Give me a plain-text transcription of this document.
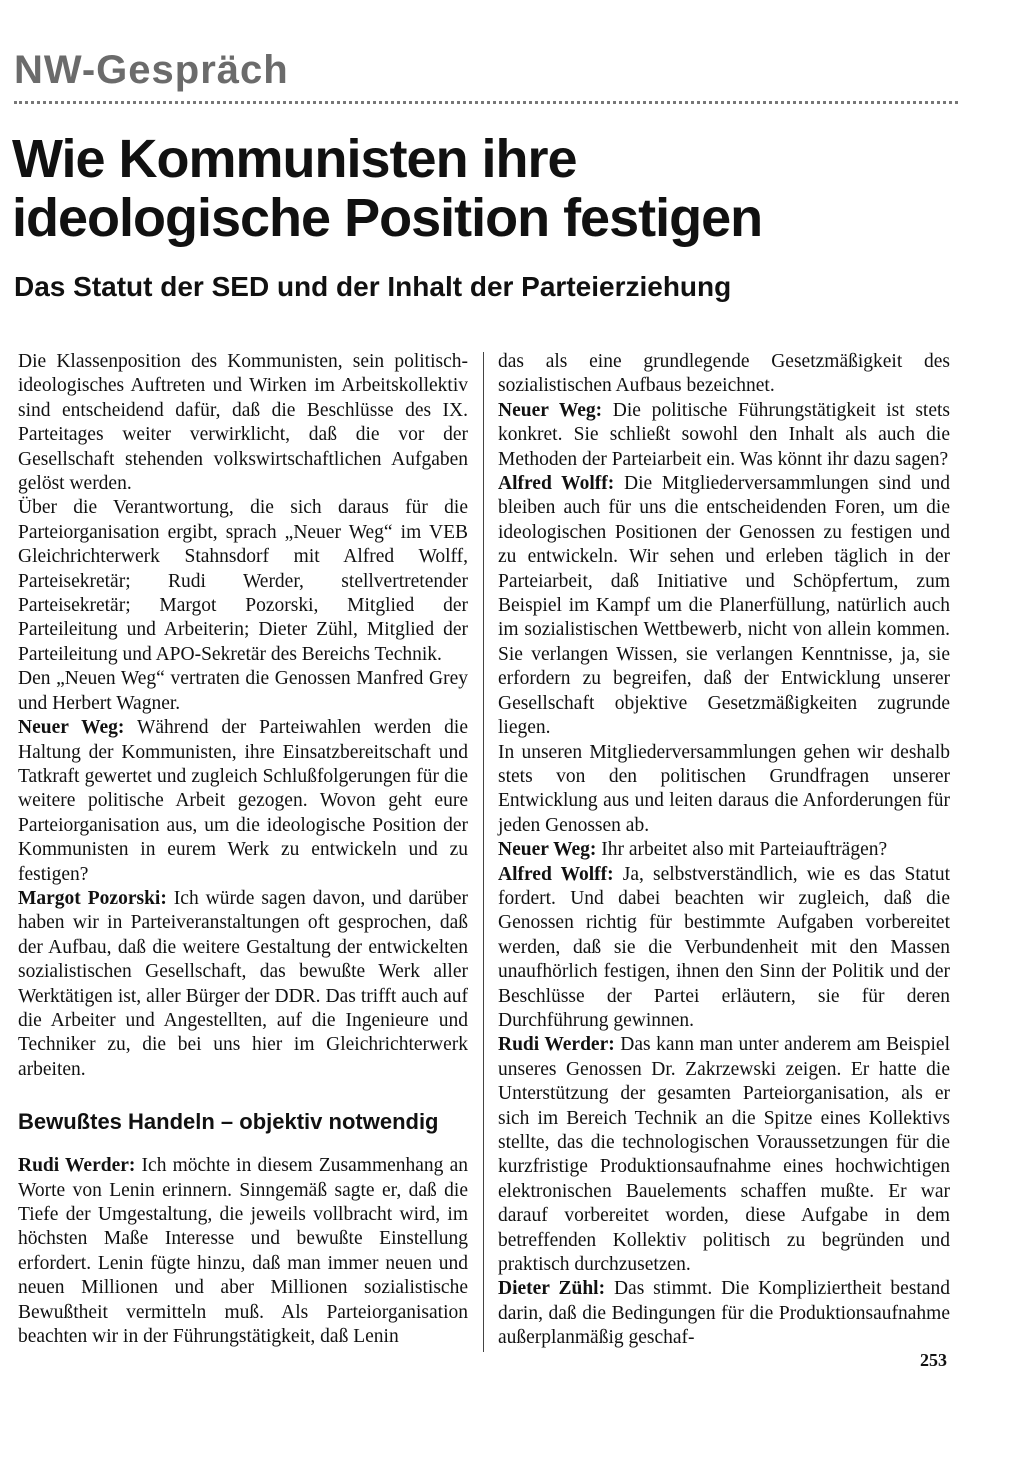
NW-Gespräch
Wie Kommunisten ihre
ideologische Position festigen
Das Statut der SED und der Inhalt der Parteierziehung

Die Klassenposition des Kommunisten, sein politisch-ideologisches Auftreten und Wirken im Arbeitskollektiv sind entscheidend dafür, daß die Beschlüsse des IX. Parteitages weiter verwirklicht, daß die vor der Gesellschaft stehenden volkswirtschaftlichen Aufgaben gelöst werden.

Über die Verantwortung, die sich daraus für die Parteiorganisation ergibt, sprach „Neuer Weg“ im VEB Gleichrichterwerk Stahnsdorf mit Alfred Wolff, Parteisekretär; Rudi Werder, stellvertretender Parteisekretär; Margot Pozorski, Mitglied der Parteileitung und Arbeiterin; Dieter Zühl, Mitglied der Parteileitung und APO-Sekretär des Bereichs Technik.

Den „Neuen Weg“ vertraten die Genossen Manfred Grey und Herbert Wagner.

Neuer Weg: Während der Parteiwahlen werden die Haltung der Kommunisten, ihre Einsatzbereitschaft und Tatkraft gewertet und zugleich Schlußfolgerungen für die weitere politische Arbeit gezogen. Wovon geht eure Parteiorganisation aus, um die ideologische Position der Kommunisten in eurem Werk zu entwickeln und zu festigen?

Margot Pozorski: Ich würde sagen davon, und darüber haben wir in Parteiveranstaltungen oft gesprochen, daß der Aufbau, daß die weitere Gestaltung der entwickelten sozialistischen Gesellschaft, das bewußte Werk aller Werktätigen ist, aller Bürger der DDR. Das trifft auch auf die Arbeiter und Angestellten, auf die Ingenieure und Techniker zu, die bei uns hier im Gleichrichterwerk arbeiten.

Bewußtes Handeln – objektiv notwendig

Rudi Werder: Ich möchte in diesem Zusammenhang an Worte von Lenin erinnern. Sinngemäß sagte er, daß die Tiefe der Umgestaltung, die jeweils vollbracht wird, im höchsten Maße Interesse und bewußte Einstellung erfordert. Lenin fügte hinzu, daß man immer neuen und neuen Millionen und aber Millionen sozialistische Bewußtheit vermitteln muß. Als Parteiorganisation beachten wir in der Führungstätigkeit, daß Lenin

das als eine grundlegende Gesetzmäßigkeit des sozialistischen Aufbaus bezeichnet.

Neuer Weg: Die politische Führungstätigkeit ist stets konkret. Sie schließt sowohl den Inhalt als auch die Methoden der Parteiarbeit ein. Was könnt ihr dazu sagen?

Alfred Wolff: Die Mitgliederversammlungen sind und bleiben auch für uns die entscheidenden Foren, um die ideologischen Positionen der Genossen zu festigen und zu entwickeln. Wir sehen und erleben täglich in der Parteiarbeit, daß Initiative und Schöpfertum, zum Beispiel im Kampf um die Planerfüllung, natürlich auch im sozialistischen Wettbewerb, nicht von allein kommen. Sie verlangen Wissen, sie verlangen Kenntnisse, ja, sie erfordern zu begreifen, daß der Entwicklung unserer Gesellschaft objektive Gesetzmäßigkeiten zugrunde liegen.

In unseren Mitgliederversammlungen gehen wir deshalb stets von den politischen Grundfragen unserer Entwicklung aus und leiten daraus die Anforderungen für jeden Genossen ab.

Neuer Weg: Ihr arbeitet also mit Parteiaufträgen?

Alfred Wolff: Ja, selbstverständlich, wie es das Statut fordert. Und dabei beachten wir zugleich, daß die Genossen richtig für bestimmte Aufgaben vorbereitet werden, daß sie die Verbundenheit mit den Massen unaufhörlich festigen, ihnen den Sinn der Politik und der Beschlüsse der Partei erläutern, sie für deren Durchführung gewinnen.

Rudi Werder: Das kann man unter anderem am Beispiel unseres Genossen Dr. Zakrzewski zeigen. Er hatte die Unterstützung der gesamten Parteiorganisation, als er sich im Bereich Technik an die Spitze eines Kollektivs stellte, das die technologischen Voraussetzungen für die kurzfristige Produktionsaufnahme eines hochwichtigen elektronischen Bauelements schaffen mußte. Er war darauf vorbereitet worden, diese Aufgabe in dem betreffenden Kollektiv politisch zu begründen und praktisch durchzusetzen.

Dieter Zühl: Das stimmt. Die Kompliziertheit bestand darin, daß die Bedingungen für die Produktionsaufnahme außerplanmäßig geschaf-

253
